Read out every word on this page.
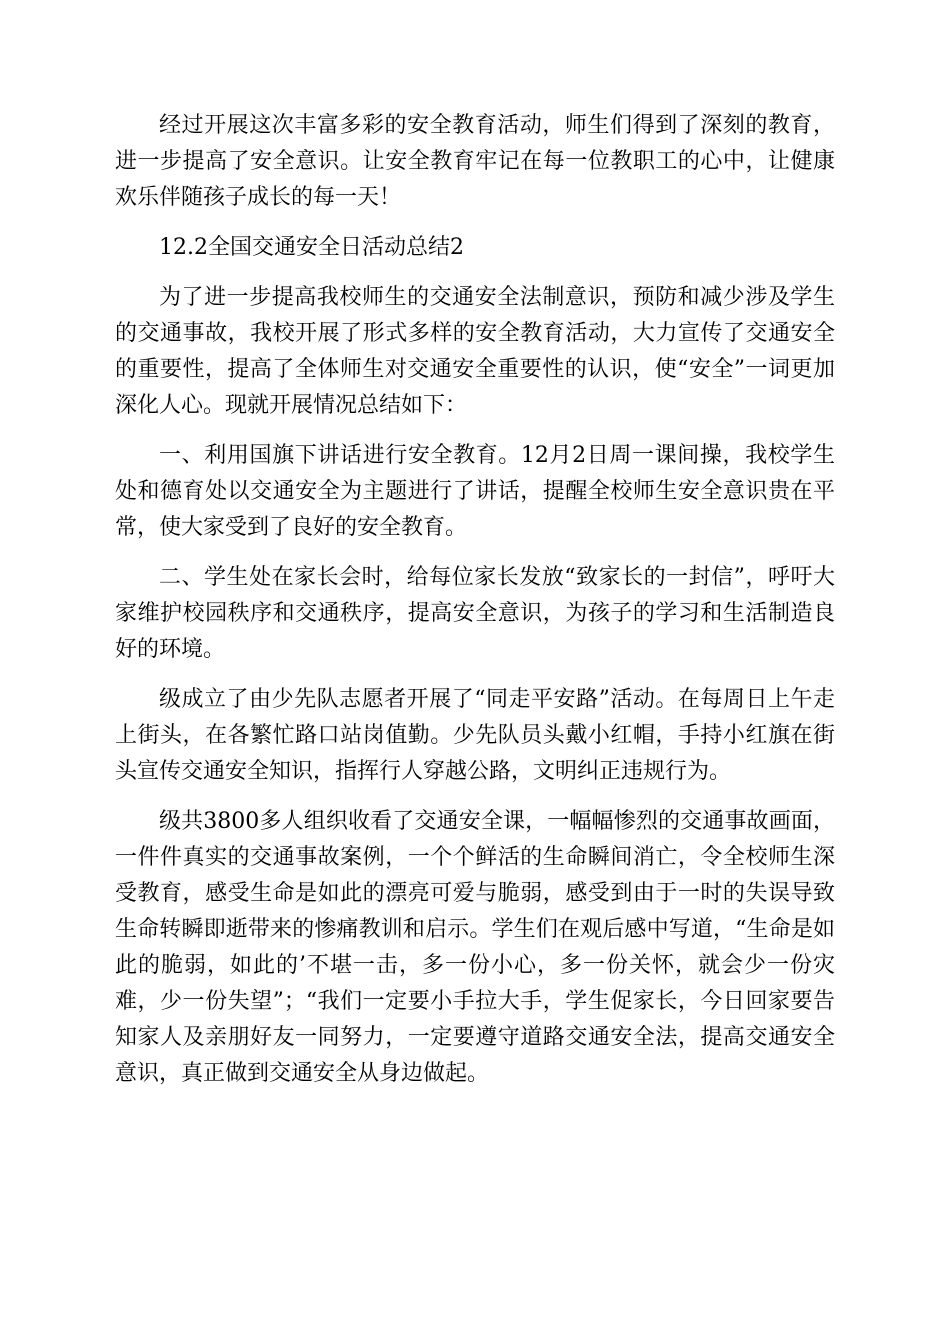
经过开展这次丰富多彩的安全教育活动，师生们得到了深刻的教育，进一步提高了安全意识。让安全教育牢记在每一位教职工的心中，让健康欢乐伴随孩子成长的每一天！

12.2全国交通安全日活动总结2

为了进一步提高我校师生的交通安全法制意识，预防和减少涉及学生的交通事故，我校开展了形式多样的安全教育活动，大力宣传了交通安全的重要性，提高了全体师生对交通安全重要性的认识，使“安全”一词更加深化人心。现就开展情况总结如下：

一、利用国旗下讲话进行安全教育。12月2日周一课间操，我校学生处和德育处以交通安全为主题进行了讲话，提醒全校师生安全意识贵在平常，使大家受到了良好的安全教育。

二、学生处在家长会时，给每位家长发放“致家长的一封信”，呼吁大家维护校园秩序和交通秩序，提高安全意识，为孩子的学习和生活制造良好的环境。

级成立了由少先队志愿者开展了“同走平安路”活动。在每周日上午走上街头，在各繁忙路口站岗值勤。少先队员头戴小红帽，手持小红旗在街头宣传交通安全知识，指挥行人穿越公路，文明纠正违规行为。

级共3800多人组织收看了交通安全课，一幅幅惨烈的交通事故画面，一件件真实的交通事故案例，一个个鲜活的生命瞬间消亡，令全校师生深受教育，感受生命是如此的漂亮可爱与脆弱，感受到由于一时的失误导致生命转瞬即逝带来的惨痛教训和启示。学生们在观后感中写道，“生命是如此的脆弱，如此的’不堪一击，多一份小心，多一份关怀，就会少一份灾难，少一份失望”；“我们一定要小手拉大手，学生促家长，今日回家要告知家人及亲朋好友一同努力，一定要遵守道路交通安全法，提高交通安全意识，真正做到交通安全从身边做起。
